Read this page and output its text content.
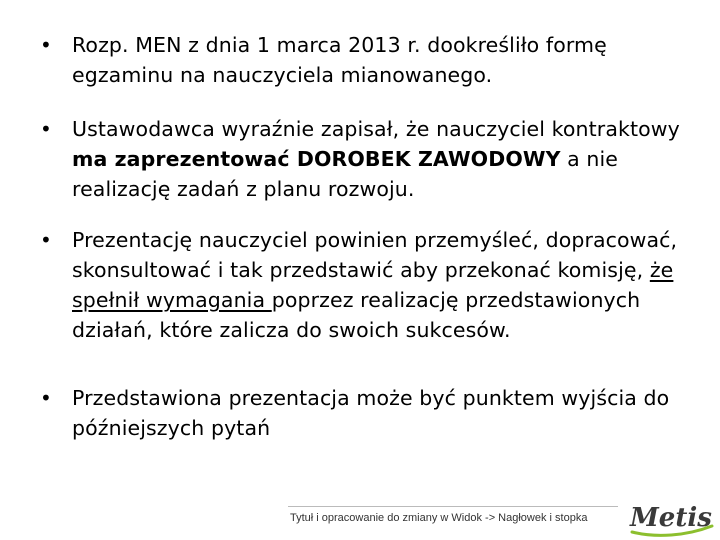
• Rozp. MEN z dnia 1 marca 2013 r. dookreśliło formę egzaminu na nauczyciela mianowanego.
• Ustawodawca wyraźnie zapisał, że nauczyciel kontraktowy ma zaprezentować DOROBEK ZAWODOWY a nie realizację zadań z planu rozwoju.
• Prezentację nauczyciel powinien przemyśleć, dopracować, skonsultować i tak przedstawić aby przekonać komisję, że spełnił wymagania poprzez realizację przedstawionych działań, które zalicza do swoich sukcesów.
• Przedstawiona prezentacja może być punktem wyjścia do późniejszych pytań
Tytuł i opracowanie do zmiany w Widok -> Nagłowek i stopka Metis
